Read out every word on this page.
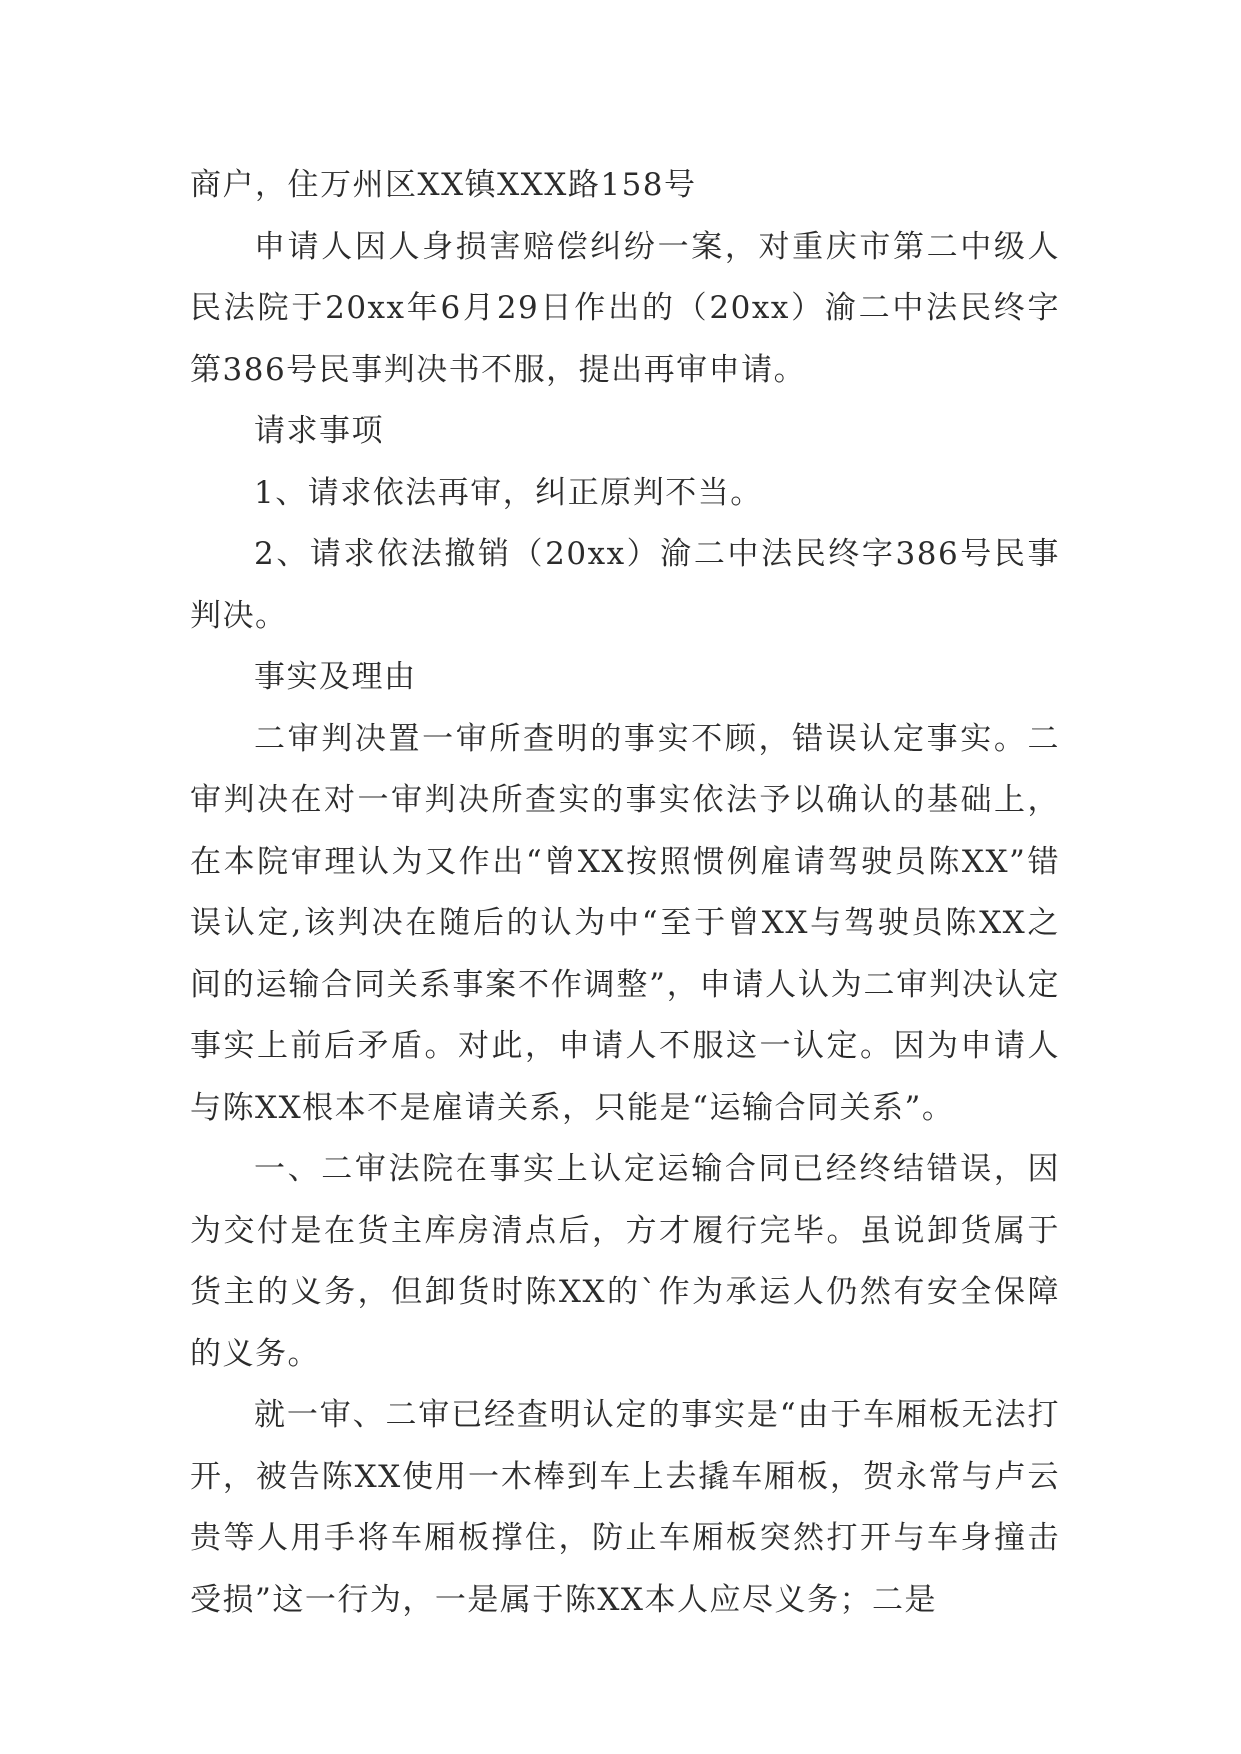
商户，住万州区XX镇XXX路158号

申请人因人身损害赔偿纠纷一案，对重庆市第二中级人民法院于20xx年6月29日作出的（20xx）渝二中法民终字第386号民事判决书不服，提出再审申请。

请求事项

1、请求依法再审，纠正原判不当。

2、请求依法撤销（20xx）渝二中法民终字386号民事判决。

事实及理由

二审判决置一审所查明的事实不顾，错误认定事实。二审判决在对一审判决所查实的事实依法予以确认的基础上，在本院审理认为又作出“曾XX按照惯例雇请驾驶员陈XX”错误认定,该判决在随后的认为中“至于曾XX与驾驶员陈XX之间的运输合同关系事案不作调整”，申请人认为二审判决认定事实上前后矛盾。对此，申请人不服这一认定。因为申请人与陈XX根本不是雇请关系，只能是“运输合同关系”。

一、二审法院在事实上认定运输合同已经终结错误，因为交付是在货主库房清点后，方才履行完毕。虽说卸货属于货主的义务，但卸货时陈XX的`作为承运人仍然有安全保障的义务。

就一审、二审已经查明认定的事实是“由于车厢板无法打开，被告陈XX使用一木棒到车上去撬车厢板，贺永常与卢云贵等人用手将车厢板撑住，防止车厢板突然打开与车身撞击受损”这一行为，一是属于陈XX本人应尽义务；二是
